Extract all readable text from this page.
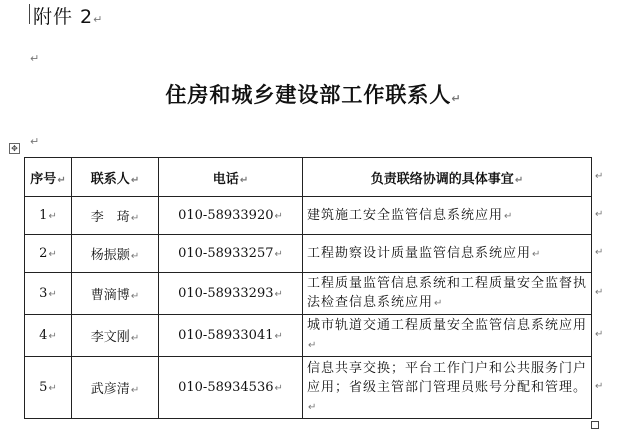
附件 2↵
↵
住房和城乡建设部工作联系人↵
↵
✥
序号↵	联系人↵	电话↵	负责联络协调的具体事宜↵
1↵	李　琦↵	010-58933920↵	建筑施工安全监管信息系统应用↵
2↵	杨振颢↵	010-58933257↵	工程勘察设计质量监管信息系统应用↵
3↵	曹滴博↵	010-58933293↵	工程质量监管信息系统和工程质量安全监督执法检查信息系统应用↵
4↵	李文刚↵	010-58933041↵	城市轨道交通工程质量安全监管信息系统应用↵
5↵	武彦清↵	010-58934536↵	信息共享交换；平台工作门户和公共服务门户应用；省级主管部门管理员账号分配和管理。↵
↵
↵
↵
↵
↵
↵
